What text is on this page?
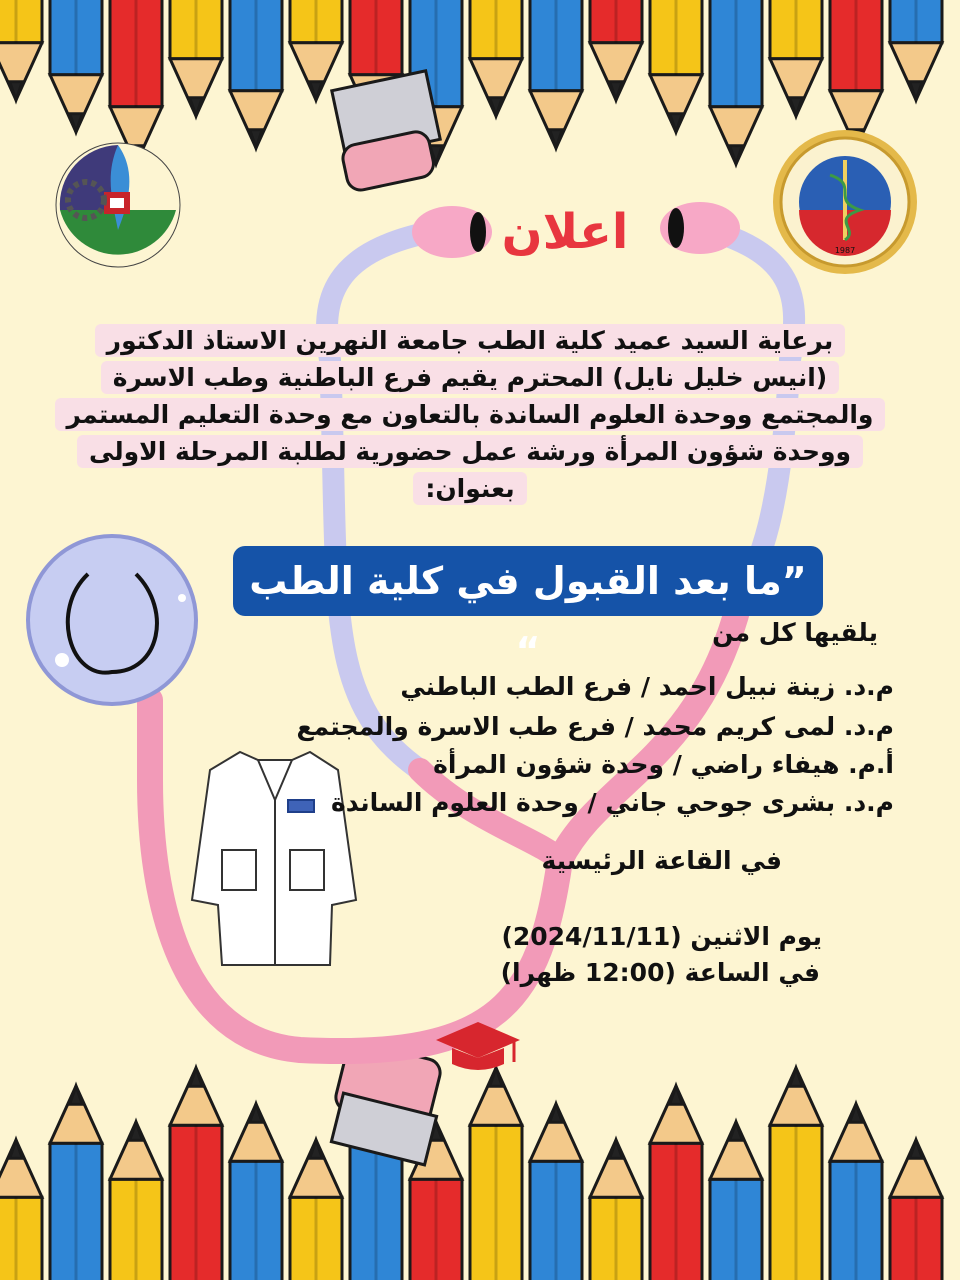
1987
اعلان
برعاية السيد عميد كلية الطب جامعة النهرين الاستاذ الدكتور
(انيس خليل نايل) المحترم يقيم فرع الباطنية وطب الاسرة
والمجتمع ووحدة العلوم الساندة بالتعاون مع وحدة التعليم المستمر
ووحدة شؤون المرأة ورشة عمل حضورية لطلبة المرحلة الاولى
بعنوان:
”ما بعد القبول في كلية الطب “	يلقيها كل من
م.د. زينة نبيل احمد / فرع الطب الباطني
م.د. لمى كريم محمد / فرع طب الاسرة والمجتمع
أ.م. هيفاء راضي / وحدة شؤون المرأة
م.د. بشرى جوحي جاني / وحدة العلوم الساندة
في القاعة الرئيسية
يوم الاثنين (2024/11/11)
في الساعة (12:00 ظهرا)
